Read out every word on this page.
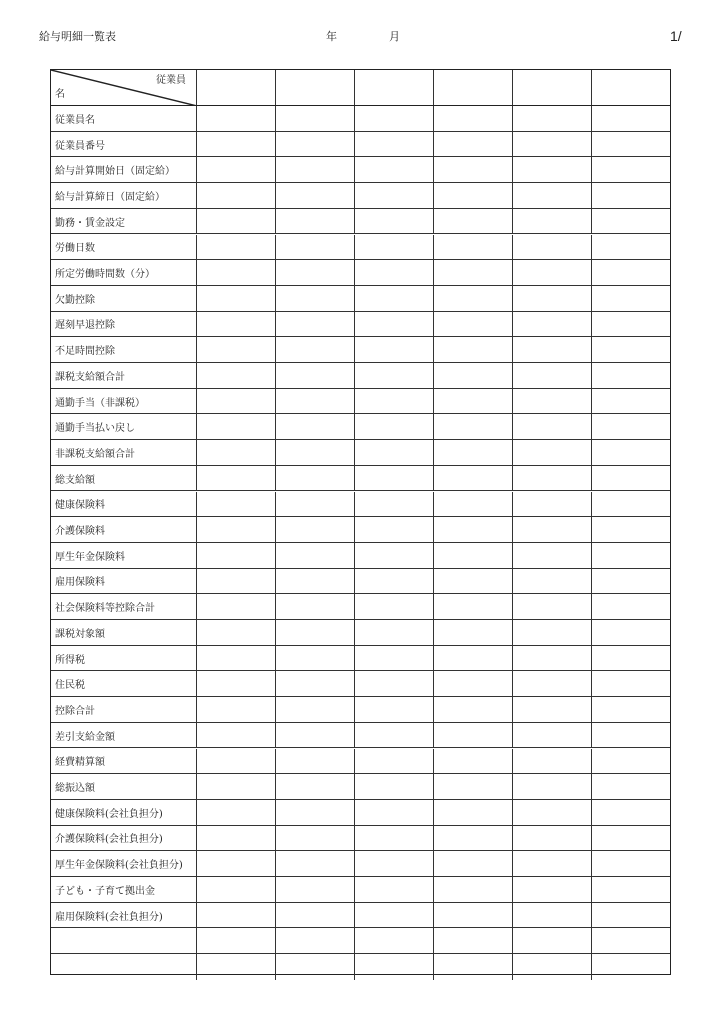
給与明細一覧表	年	月	1/
従業員
名
従業員名
従業員番号
給与計算開始日（固定給）
給与計算締日（固定給）
勤務・賃金設定
労働日数
所定労働時間数（分）
欠勤控除
遅刻早退控除
不足時間控除
課税支給額合計
通勤手当（非課税）
通勤手当払い戻し
非課税支給額合計
総支給額
健康保険料
介護保険料
厚生年金保険料
雇用保険料
社会保険料等控除合計
課税対象額
所得税
住民税
控除合計
差引支給金額
経費精算額
総振込額
健康保険料(会社負担分)
介護保険料(会社負担分)
厚生年金保険料(会社負担分)
子ども・子育て拠出金
雇用保険料(会社負担分)
